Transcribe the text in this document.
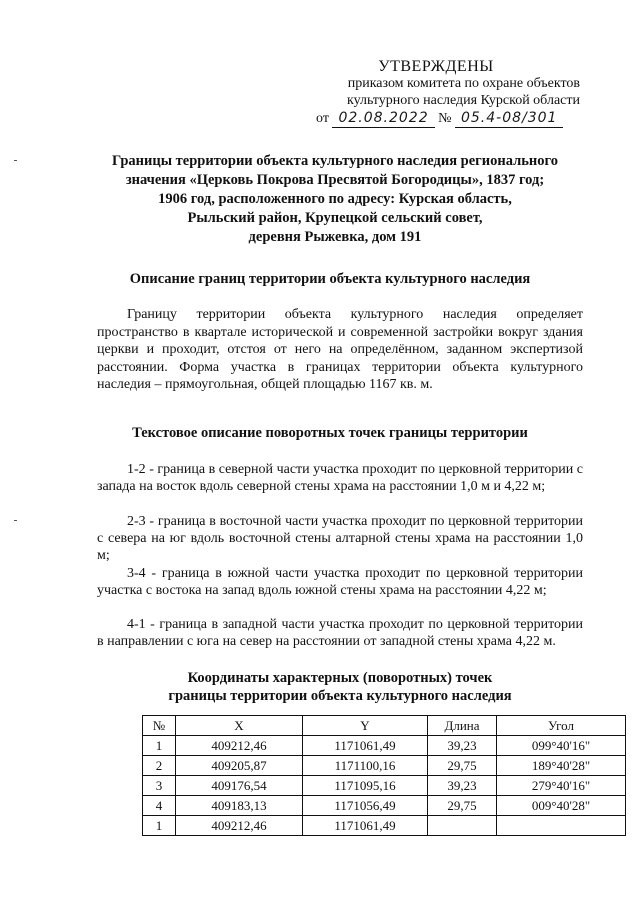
УТВЕРЖДЕНЫ
приказом комитета по охране объектов
культурного наследия Курской области
от 02.08.2022 № 05.4-08/301
Границы территории объекта культурного наследия регионального
значения «Церковь Покрова Пресвятой Богородицы», 1837 год;
1906 год, расположенного по адресу: Курская область,
Рыльский район, Крупецкой сельский совет,
деревня Рыжевка, дом 191
Описание границ территории объекта культурного наследия
Границу территории объекта культурного наследия определяет пространство в квартале исторической и современной застройки вокруг здания церкви и проходит, отстоя от него на определённом, заданном экспертизой расстоянии. Форма участка в границах территории объекта культурного наследия – прямоугольная, общей площадью 1167 кв. м.
Текстовое описание поворотных точек границы территории
1-2 - граница в северной части участка проходит по церковной территории с запада на восток вдоль северной стены храма на расстоянии 1,0 м и 4,22 м;
2-3 - граница в восточной части участка проходит по церковной территории с севера на юг вдоль восточной стены алтарной стены храма на расстоянии 1,0 м;
3-4 - граница в южной части участка проходит по церковной территории участка с востока на запад вдоль южной стены храма на расстоянии 4,22 м;
4-1 - граница в западной части участка проходит по церковной территории в направлении с юга на север на расстоянии от западной стены храма 4,22 м.
Координаты характерных (поворотных) точек
границы территории объекта культурного наследия
№	X	Y	Длина	Угол
1	409212,46	1171061,49	39,23	099°40'16"
2	409205,87	1171100,16	29,75	189°40'28"
3	409176,54	1171095,16	39,23	279°40'16"
4	409183,13	1171056,49	29,75	009°40'28"
1	409212,46	1171061,49		
